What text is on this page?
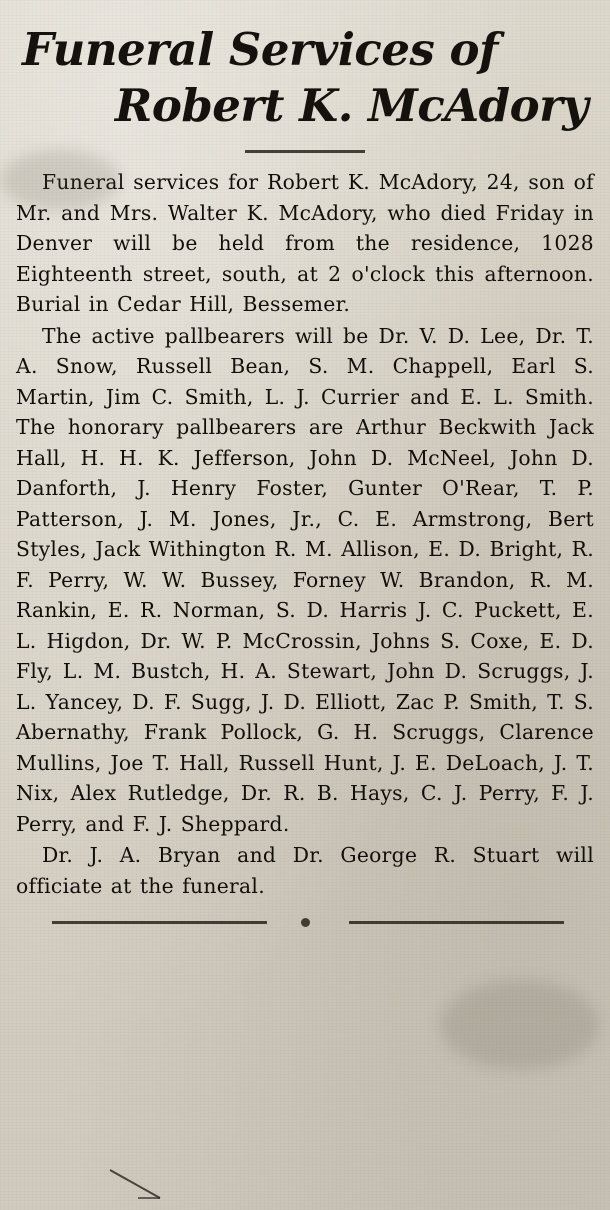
Funeral Services of
Robert K. McAdory

Funeral services for Robert K. McAdory, 24, son of Mr. and Mrs. Walter K. McAdory, who died Friday in Denver will be held from the residence, 1028 Eighteenth street, south, at 2 o'clock this afternoon. Burial in Cedar Hill, Bessemer.

The active pallbearers will be Dr. V. D. Lee, Dr. T. A. Snow, Russell Bean, S. M. Chappell, Earl S. Martin, Jim C. Smith, L. J. Currier and E. L. Smith. The honorary pallbearers are Arthur Beckwith Jack Hall, H. H. K. Jefferson, John D. McNeel, John D. Danforth, J. Henry Foster, Gunter O'Rear, T. P. Patterson, J. M. Jones, Jr., C. E. Armstrong, Bert Styles, Jack Withington R. M. Allison, E. D. Bright, R. F. Perry, W. W. Bussey, Forney W. Brandon, R. M. Rankin, E. R. Norman, S. D. Harris J. C. Puckett, E. L. Higdon, Dr. W. P. McCrossin, Johns S. Coxe, E. D. Fly, L. M. Bustch, H. A. Stewart, John D. Scruggs, J. L. Yancey, D. F. Sugg, J. D. Elliott, Zac P. Smith, T. S. Abernathy, Frank Pollock, G. H. Scruggs, Clarence Mullins, Joe T. Hall, Russell Hunt, J. E. DeLoach, J. T. Nix, Alex Rutledge, Dr. R. B. Hays, C. J. Perry, F. J. Perry, and F. J. Sheppard.

Dr. J. A. Bryan and Dr. George R. Stuart will officiate at the funeral.
